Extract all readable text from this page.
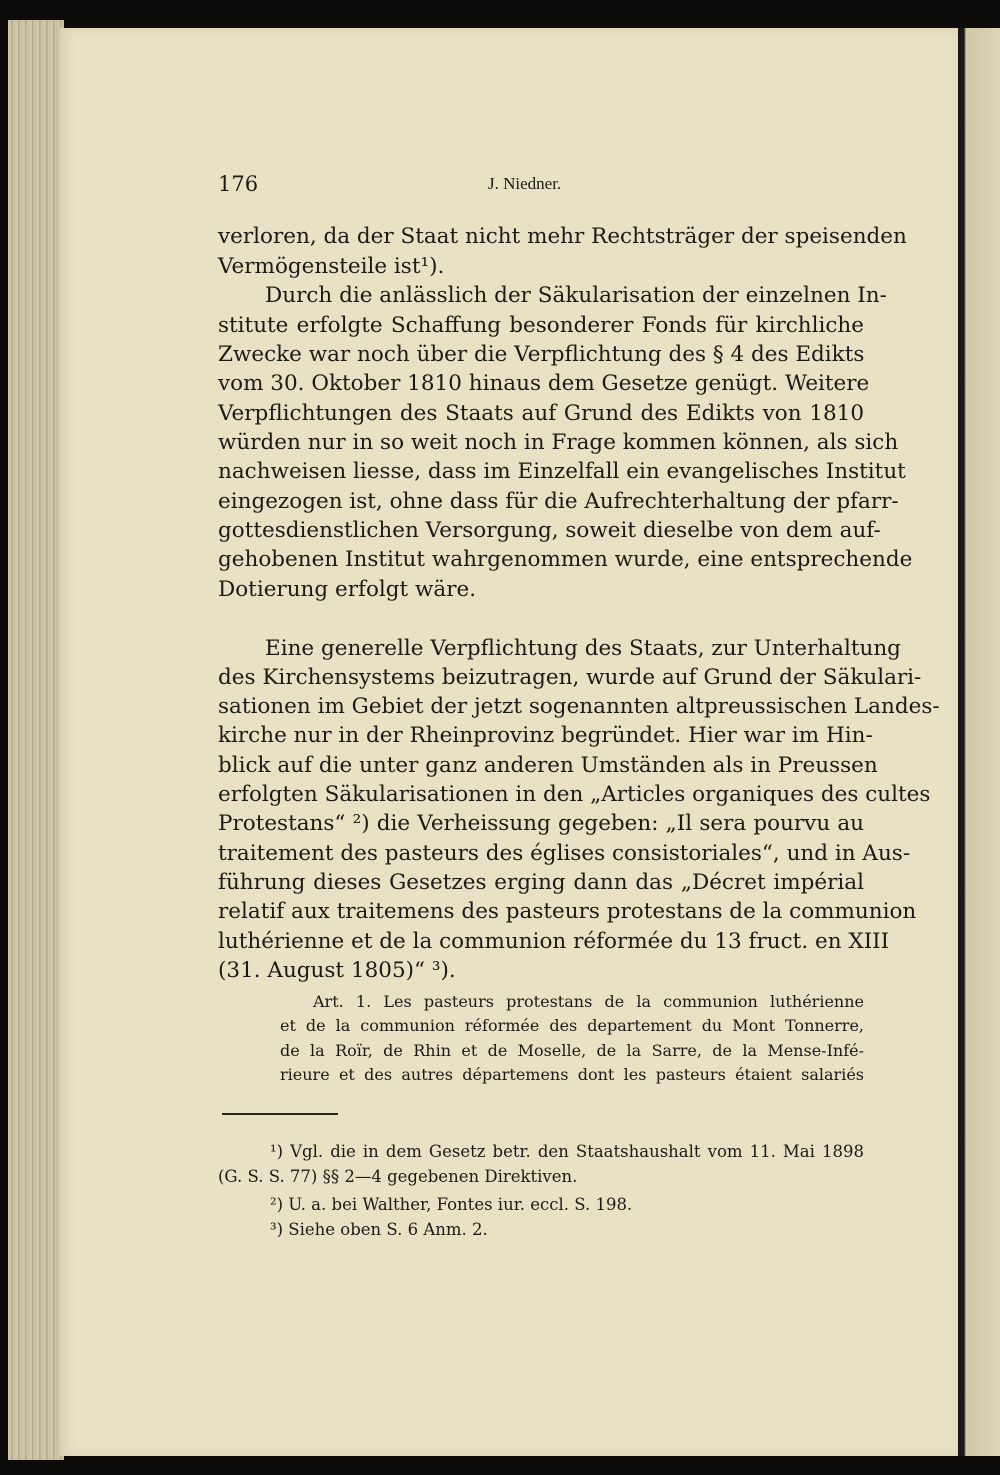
176	J. Niedner.
verloren, da der Staat nicht mehr Rechtsträger der speisenden
Vermögensteile ist¹).
Durch die anlässlich der Säkularisation der einzelnen In-
stitute erfolgte Schaffung besonderer Fonds für kirchliche
Zwecke war noch über die Verpflichtung des § 4 des Edikts
vom 30. Oktober 1810 hinaus dem Gesetze genügt. Weitere
Verpflichtungen des Staats auf Grund des Edikts von 1810
würden nur in so weit noch in Frage kommen können, als sich
nachweisen liesse, dass im Einzelfall ein evangelisches Institut
eingezogen ist, ohne dass für die Aufrechterhaltung der pfarr-
gottesdienstlichen Versorgung, soweit dieselbe von dem auf-
gehobenen Institut wahrgenommen wurde, eine entsprechende
Dotierung erfolgt wäre.
Eine generelle Verpflichtung des Staats, zur Unterhaltung
des Kirchensystems beizutragen, wurde auf Grund der Säkulari-
sationen im Gebiet der jetzt sogenannten altpreussischen Landes-
kirche nur in der Rheinprovinz begründet. Hier war im Hin-
blick auf die unter ganz anderen Umständen als in Preussen
erfolgten Säkularisationen in den „Articles organiques des cultes
Protestans“ ²) die Verheissung gegeben: „Il sera pourvu au
traitement des pasteurs des églises consistoriales“, und in Aus-
führung dieses Gesetzes erging dann das „Décret impérial
relatif aux traitemens des pasteurs protestans de la communion
luthérienne et de la communion réformée du 13 fruct. en XIII
(31. August 1805)“ ³).
Art. 1. Les pasteurs protestans de la communion luthérienne
et de la communion réformée des departement du Mont Tonnerre,
de la Roïr, de Rhin et de Moselle, de la Sarre, de la Mense-Infé-
rieure et des autres départemens dont les pasteurs étaient salariés
¹) Vgl. die in dem Gesetz betr. den Staatshaushalt vom 11. Mai 1898
(G. S. S. 77) §§ 2—4 gegebenen Direktiven.
²) U. a. bei Walther, Fontes iur. eccl. S. 198.
³) Siehe oben S. 6 Anm. 2.
